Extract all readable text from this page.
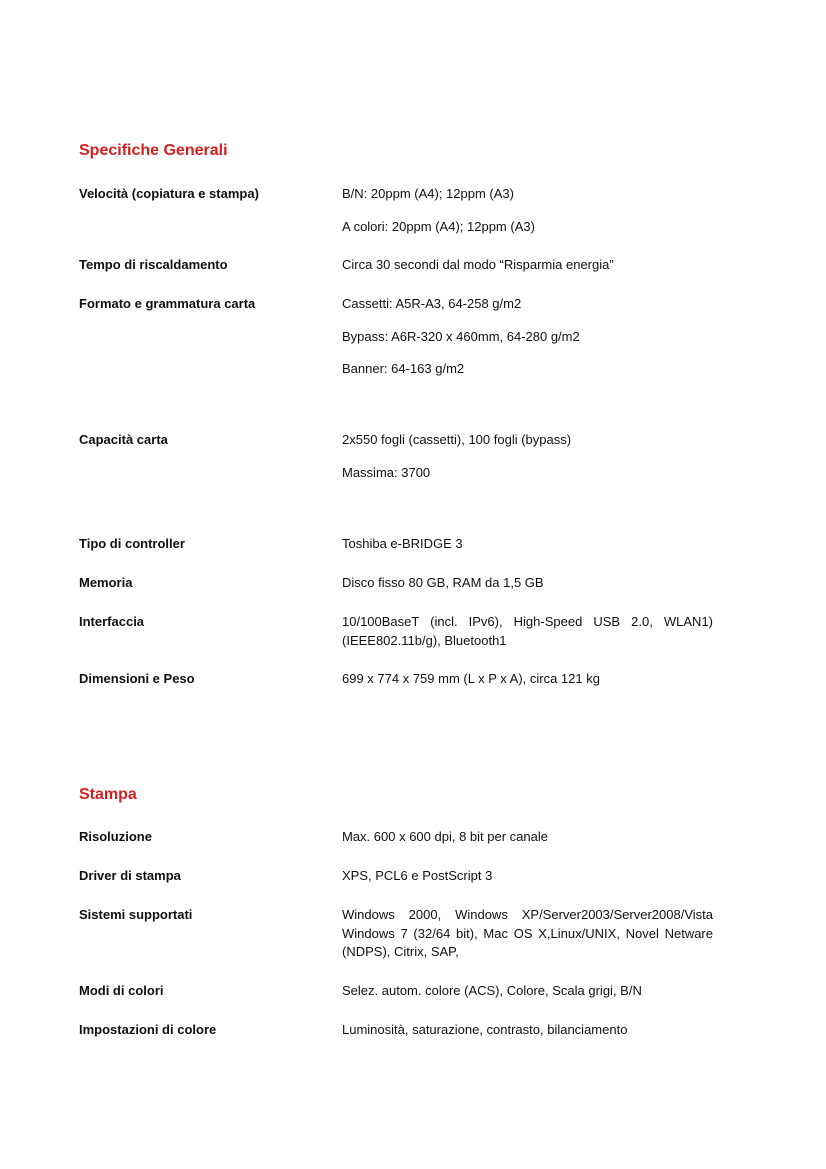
Specifiche Generali
Velocità (copiatura e stampa)	B/N: 20ppm (A4); 12ppm (A3)
A colori: 20ppm (A4); 12ppm (A3)
Tempo di riscaldamento	Circa 30 secondi dal modo “Risparmia energia”
Formato e grammatura carta	Cassetti: A5R-A3, 64-258 g/m2
Bypass: A6R-320 x 460mm, 64-280 g/m2
Banner: 64-163 g/m2
Capacità carta	2x550 fogli (cassetti), 100 fogli (bypass)
Massima: 3700
Tipo di controller	Toshiba e-BRIDGE 3
Memoria	Disco fisso 80 GB, RAM da 1,5 GB
Interfaccia	10/100BaseT (incl. IPv6), High-Speed USB 2.0, WLAN1) (IEEE802.11b/g), Bluetooth1
Dimensioni e Peso	699 x 774 x 759 mm (L x P x A), circa 121 kg
Stampa
Risoluzione	Max. 600 x 600 dpi, 8 bit per canale
Driver di stampa	XPS, PCL6 e PostScript 3
Sistemi supportati	Windows 2000, Windows XP/Server2003/Server2008/Vista Windows 7 (32/64 bit), Mac OS X,Linux/UNIX, Novel Netware (NDPS), Citrix, SAP,
Modi di colori	Selez. autom. colore (ACS), Colore, Scala grigi, B/N
Impostazioni di colore	Luminosità, saturazione, contrasto, bilanciamento
